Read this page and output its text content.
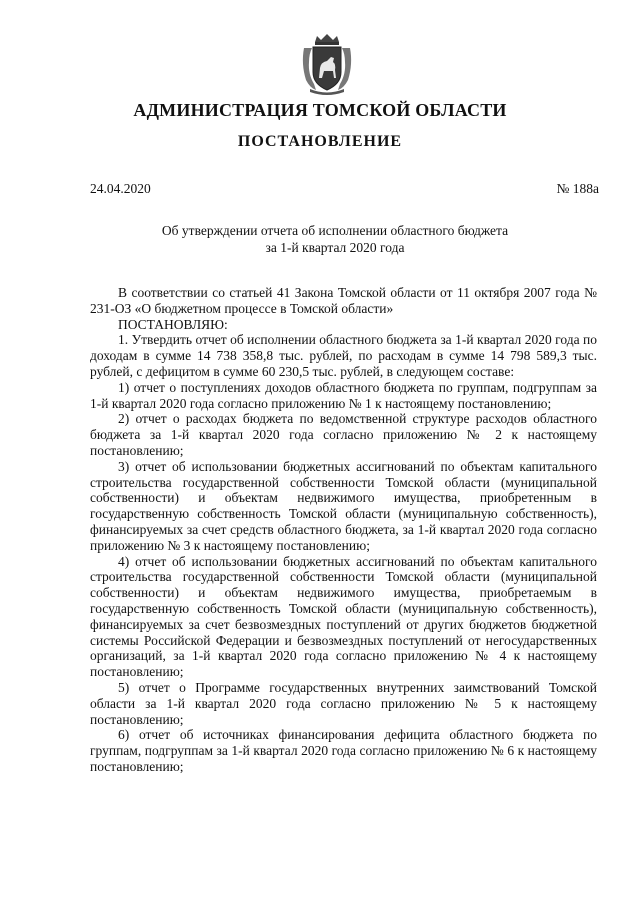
АДМИНИСТРАЦИЯ ТОМСКОЙ ОБЛАСТИ
ПОСТАНОВЛЕНИЕ
24.04.2020	№ 188а
Об утверждении отчета об исполнении областного бюджета
за 1-й квартал 2020 года

В соответствии со статьей 41 Закона Томской области от 11 октября 2007 года № 231-ОЗ «О бюджетном процессе в Томской области»

ПОСТАНОВЛЯЮ:

1. Утвердить отчет об исполнении областного бюджета за 1-й квартал 2020 года по доходам в сумме 14 738 358,8 тыс. рублей, по расходам в сумме 14 798 589,3 тыс. рублей, с дефицитом в сумме 60 230,5 тыс. рублей, в следующем составе:

1) отчет о поступлениях доходов областного бюджета по группам, подгруппам за 1-й квартал 2020 года согласно приложению № 1 к настоящему постановлению;

2) отчет о расходах бюджета по ведомственной структуре расходов областного бюджета за 1-й квартал 2020 года согласно приложению № 2 к настоящему постановлению;

3) отчет об использовании бюджетных ассигнований по объектам капитального строительства государственной собственности Томской области (муниципальной собственности) и объектам недвижимого имущества, приобретенным в государственную собственность Томской области (муниципальную собственность), финансируемых за счет средств областного бюджета, за 1-й квартал 2020 года согласно приложению № 3 к настоящему постановлению;

4) отчет об использовании бюджетных ассигнований по объектам капитального строительства государственной собственности Томской области (муниципальной собственности) и объектам недвижимого имущества, приобретаемым в государственную собственность Томской области (муниципальную собственность), финансируемых за счет безвозмездных поступлений от других бюджетов бюджетной системы Российской Федерации и безвозмездных поступлений от негосударственных организаций, за 1-й квартал 2020 года согласно приложению № 4 к настоящему постановлению;

5) отчет о Программе государственных внутренних заимствований Томской области за 1-й квартал 2020 года согласно приложению № 5 к настоящему постановлению;

6) отчет об источниках финансирования дефицита областного бюджета по группам, подгруппам за 1-й квартал 2020 года согласно приложению № 6 к настоящему постановлению;
